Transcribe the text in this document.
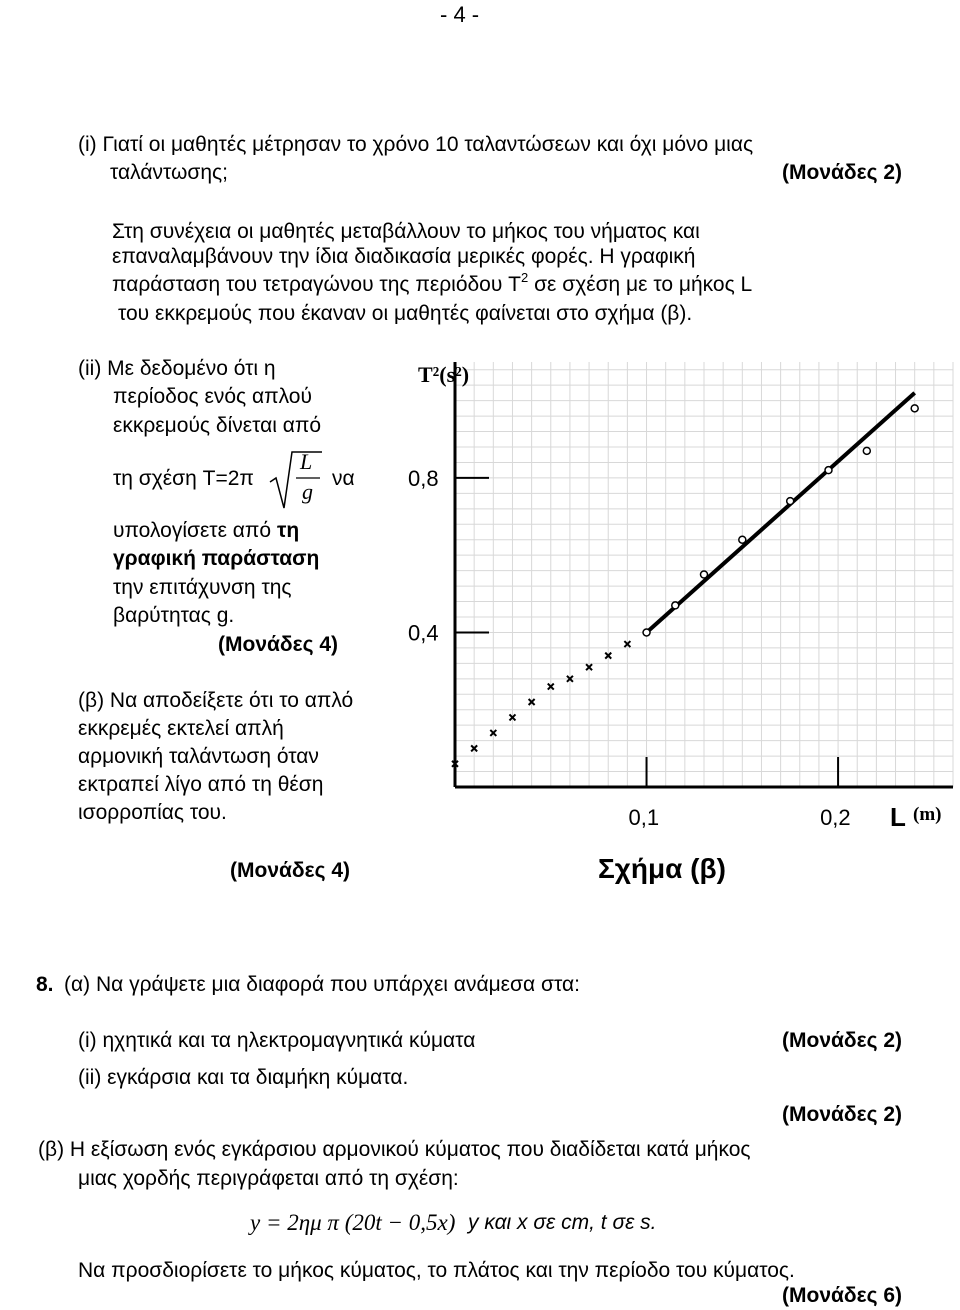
- 4 -
(i) Γιατί οι μαθητές μέτρησαν το χρόνο 10 ταλαντώσεων και όχι μόνο μιας
ταλάντωσης;	(Μονάδες 2)
Στη συνέχεια οι μαθητές μεταβάλλουν το μήκος του νήματος και
επαναλαμβάνουν την ίδια διαδικασία μερικές φορές. Η γραφική
παράσταση του τετραγώνου της περιόδου $T^2$ σε σχέση με το μήκος L
του εκκρεμούς που έκαναν οι μαθητές φαίνεται στο σχήμα (β).
(ii) Με δεδομένο ότι η
περίοδος ενός απλού
εκκρεμούς δίνεται από
τη σχέση T=2π
L
g
να
υπολογίσετε από τη
γραφική παράσταση
την επιτάχυνση της
βαρύτητας g.
(Μονάδες 4)
(β) Να αποδείξετε ότι το απλό
εκκρεμές εκτελεί απλή
αρμονική ταλάντωση όταν
εκτραπεί λίγο από τη θέση
ισορροπίας του.
(Μονάδες 4)
0,4
0,8
0,1	0,2
T²(s²)
L (m)
Σχήμα (β)
8. (α) Να γράψετε μια διαφορά που υπάρχει ανάμεσα στα:
(i) ηχητικά και τα ηλεκτρομαγνητικά κύματα	(Μονάδες 2)
(ii) εγκάρσια και τα διαμήκη κύματα.
(Μονάδες 2)
(β) Η εξίσωση ενός εγκάρσιου αρμονικού κύματος που διαδίδεται κατά μήκος
μιας χορδής περιγράφεται από τη σχέση:
y = 2ημ π (20t − 0,5x) y και x σε cm, t σε s.
Να προσδιορίσετε το μήκος κύματος, το πλάτος και την περίοδο του κύματος.
(Μονάδες 6)
